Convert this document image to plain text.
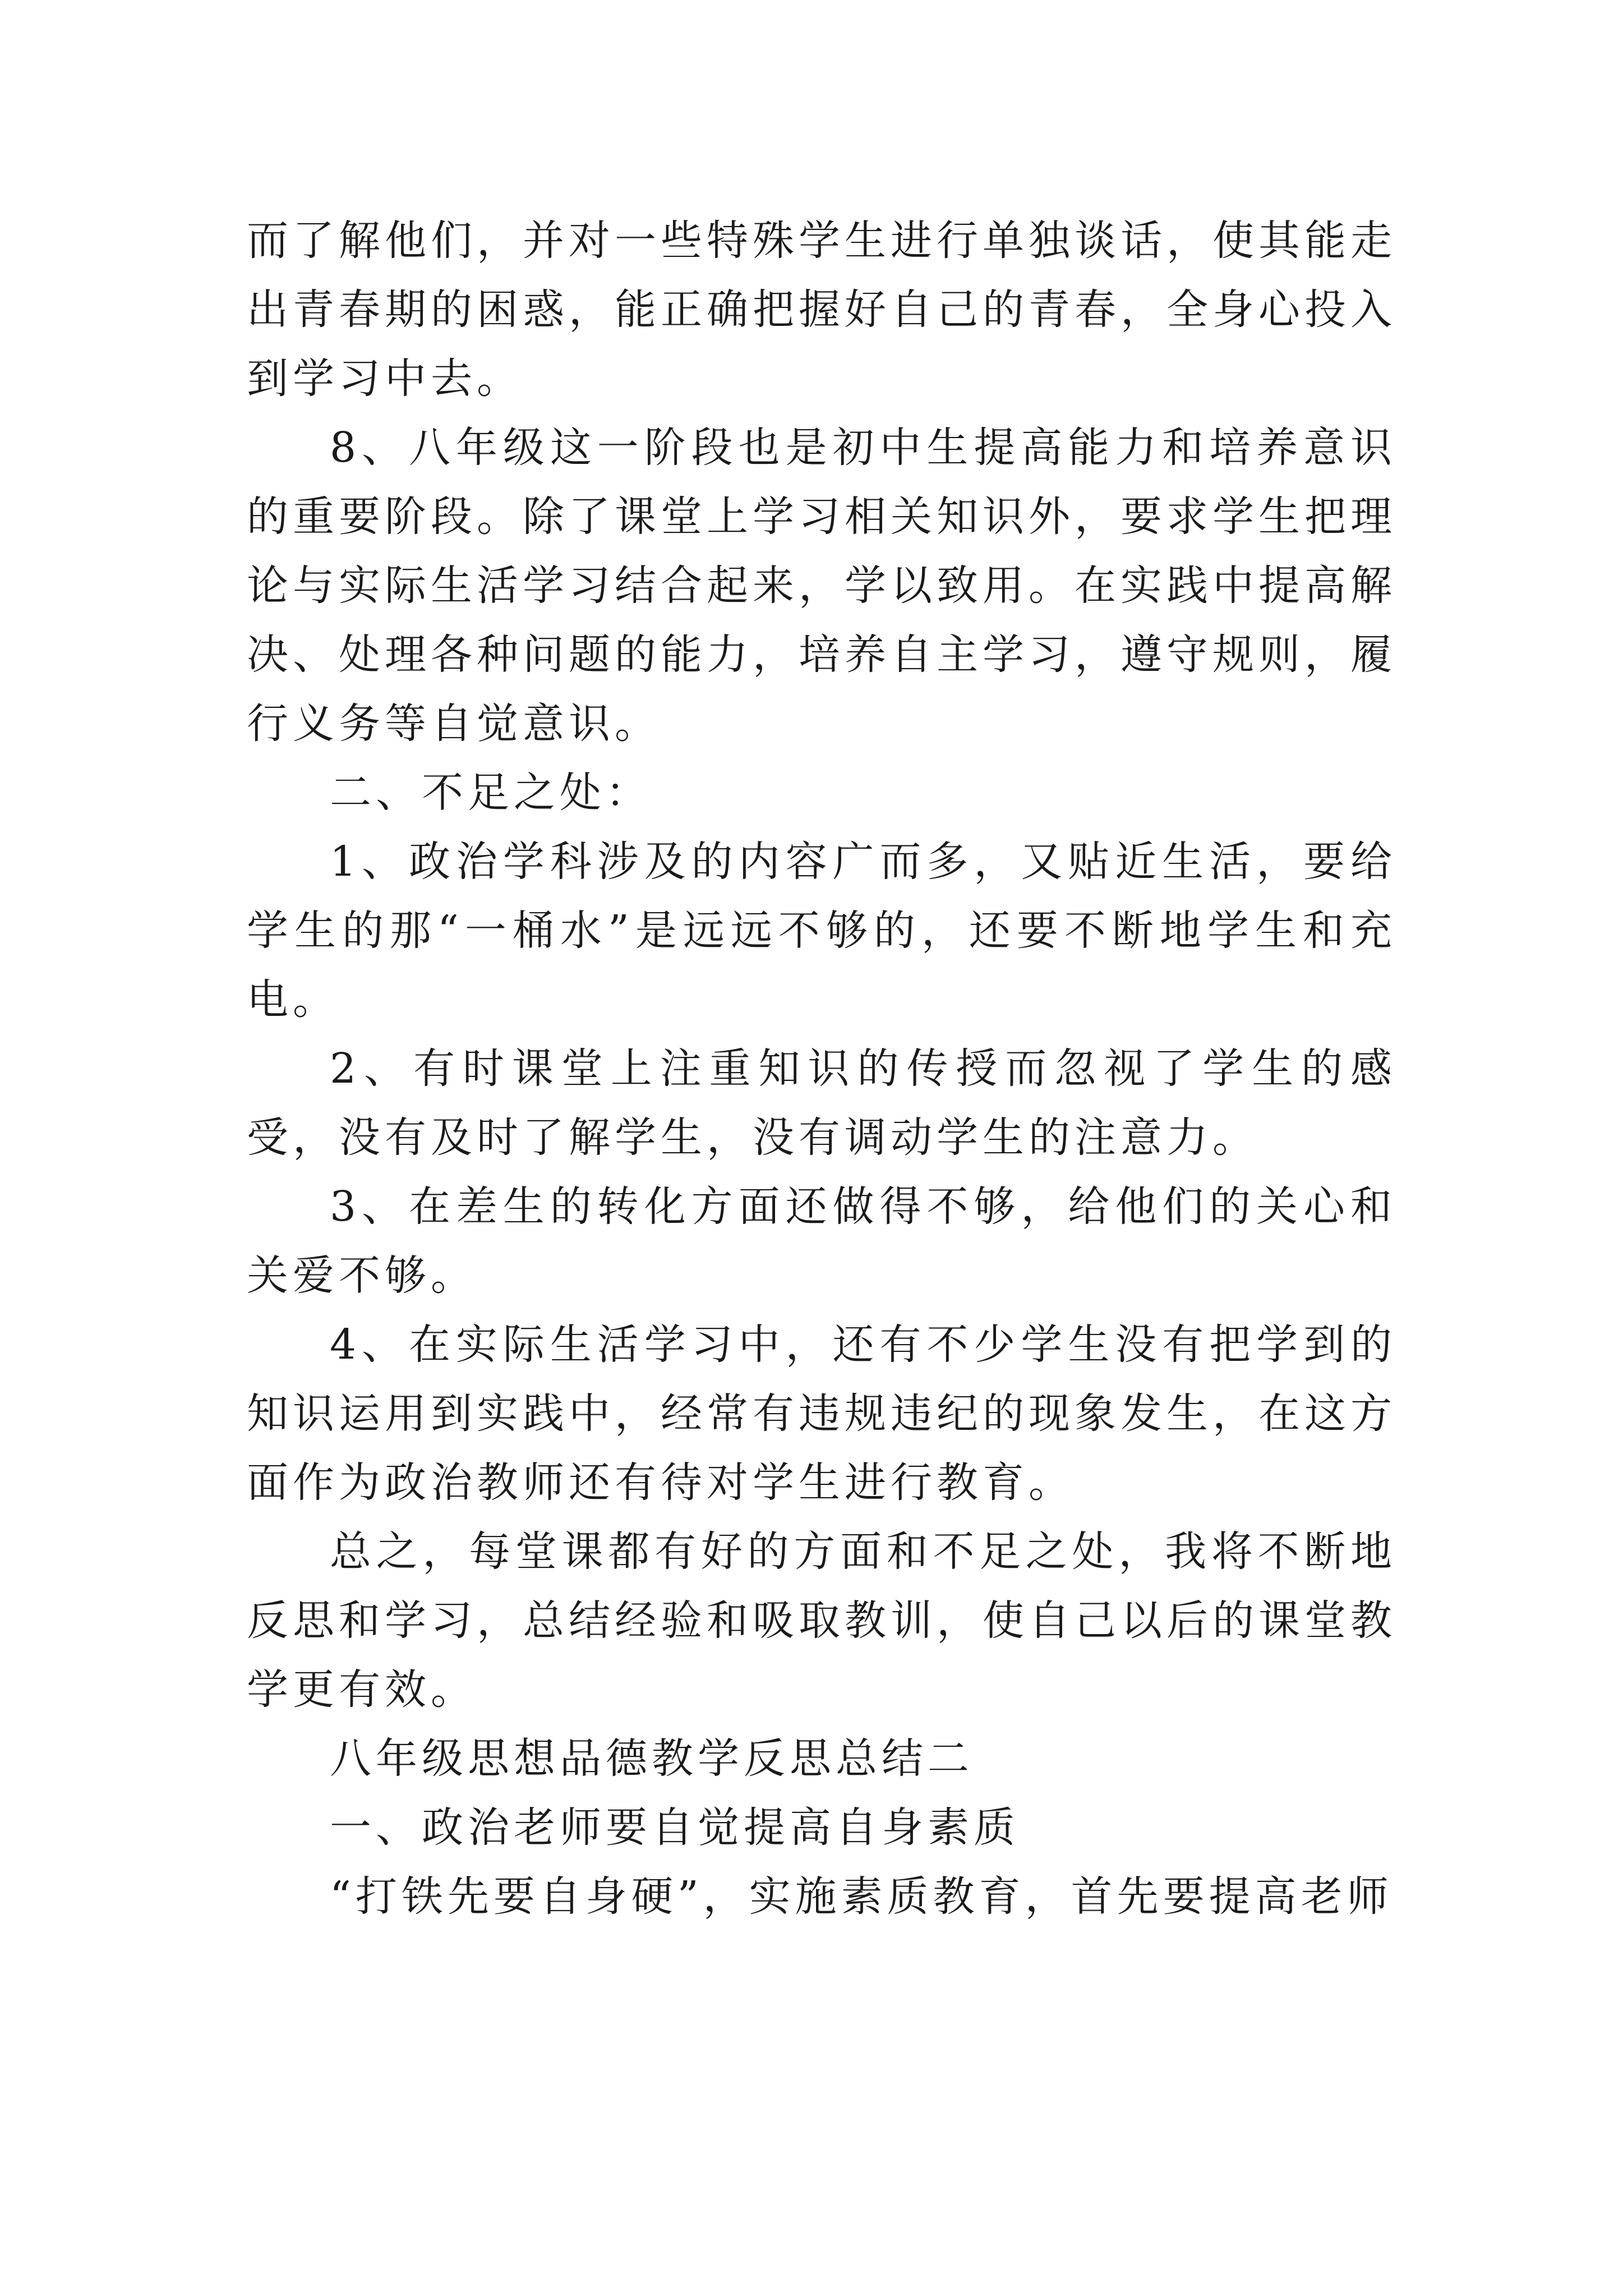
而了解他们，并对一些特殊学生进行单独谈话，使其能走出青春期的困惑，能正确把握好自己的青春，全身心投入到学习中去。

8、八年级这一阶段也是初中生提高能力和培养意识的重要阶段。除了课堂上学习相关知识外，要求学生把理论与实际生活学习结合起来，学以致用。在实践中提高解决、处理各种问题的能力，培养自主学习，遵守规则，履行义务等自觉意识。

二、不足之处：

1、政治学科涉及的内容广而多，又贴近生活，要给学生的那“一桶水”是远远不够的，还要不断地学生和充电。

2、有时课堂上注重知识的传授而忽视了学生的感受，没有及时了解学生，没有调动学生的注意力。

3、在差生的转化方面还做得不够，给他们的关心和关爱不够。

4、在实际生活学习中，还有不少学生没有把学到的知识运用到实践中，经常有违规违纪的现象发生，在这方面作为政治教师还有待对学生进行教育。

总之，每堂课都有好的方面和不足之处，我将不断地反思和学习，总结经验和吸取教训，使自己以后的课堂教学更有效。

八年级思想品德教学反思总结二

一、政治老师要自觉提高自身素质

“打铁先要自身硬”，实施素质教育，首先要提高老师
